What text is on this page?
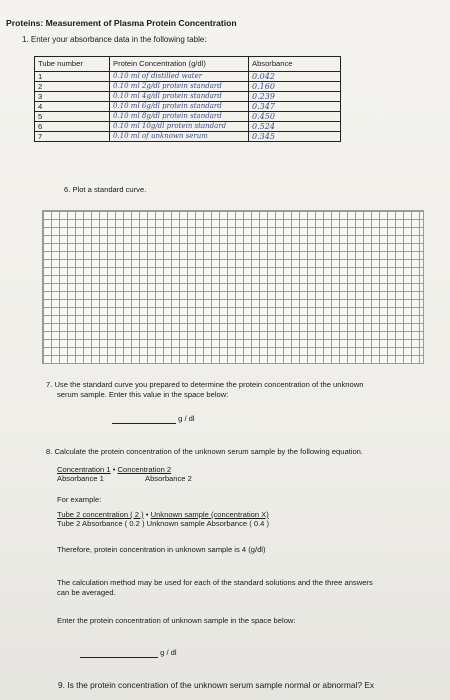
Proteins: Measurement of Plasma Protein Concentration
1. Enter your absorbance data in the following table:
Tube number	Protein Concentration (g/dl)	Absorbance
1	0.10 ml of distilled water	0.042
2	0.10 ml 2g/dl protein standard	0.160
3	0.10 ml 4g/dl protein standard	0.239
4	0.10 ml 6g/dl protein standard	0.347
5	0.10 ml 8g/dl protein standard	0.450
6	0.10 ml 10g/dl protein standard	0.524
7	0.10 ml of unknown serum	0.345
6. Plot a standard curve.
7. Use the standard curve you prepared to determine the protein concentration of the unknown
serum sample. Enter this value in the space below:
g / dl
8. Calculate the protein concentration of the unknown serum sample by the following equation.
Concentration 1 • Concentration 2
Absorbance 1	Absorbance 2
For example:
Tube 2 concentration ( 2 ) • Unknown sample (concentration X)
Tube 2 Absorbance ( 0.2 ) Unknown sample Absorbance ( 0.4 )
Therefore, protein concentration in unknown sample is 4 (g/dl)
The calculation method may be used for each of the standard solutions and the three answers
can be averaged.
Enter the protein concentration of unknown sample in the space below:
g / dl
9. Is the protein concentration of the unknown serum sample normal or abnormal? Ex
